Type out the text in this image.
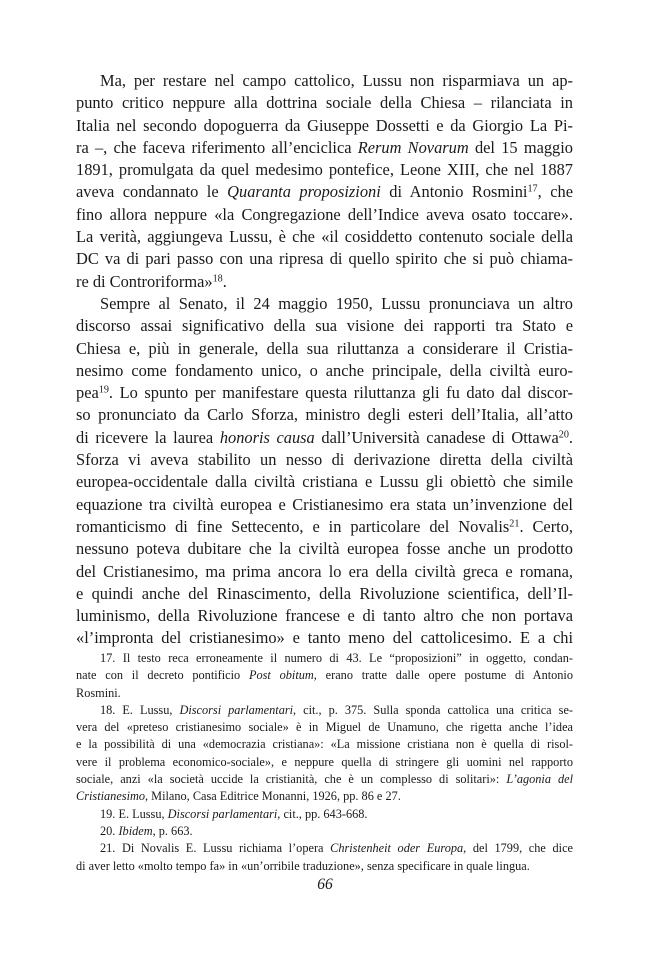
Ma, per restare nel campo cattolico, Lussu non risparmiava un ap-
punto critico neppure alla dottrina sociale della Chiesa – rilanciata in
Italia nel secondo dopoguerra da Giuseppe Dossetti e da Giorgio La Pi-
ra –, che faceva riferimento all’enciclica Rerum Novarum del 15 maggio
1891, promulgata da quel medesimo pontefice, Leone XIII, che nel 1887
aveva condannato le Quaranta proposizioni di Antonio Rosmini$^{17}$, che
fino allora neppure «la Congregazione dell’Indice aveva osato toccare».
La verità, aggiungeva Lussu, è che «il cosiddetto contenuto sociale della
DC va di pari passo con una ripresa di quello spirito che si può chiama-
re di Controriforma»$^{18}$.
Sempre al Senato, il 24 maggio 1950, Lussu pronunciava un altro
discorso assai significativo della sua visione dei rapporti tra Stato e
Chiesa e, più in generale, della sua riluttanza a considerare il Cristia-
nesimo come fondamento unico, o anche principale, della civiltà euro-
pea$^{19}$. Lo spunto per manifestare questa riluttanza gli fu dato dal discor-
so pronunciato da Carlo Sforza, ministro degli esteri dell’Italia, all’atto
di ricevere la laurea honoris causa dall’Università canadese di Ottawa$^{20}$.
Sforza vi aveva stabilito un nesso di derivazione diretta della civiltà
europea-occidentale dalla civiltà cristiana e Lussu gli obiettò che simile
equazione tra civiltà europea e Cristianesimo era stata un’invenzione del
romanticismo di fine Settecento, e in particolare del Novalis$^{21}$. Certo,
nessuno poteva dubitare che la civiltà europea fosse anche un prodotto
del Cristianesimo, ma prima ancora lo era della civiltà greca e romana,
e quindi anche del Rinascimento, della Rivoluzione scientifica, dell’Il-
luminismo, della Rivoluzione francese e di tanto altro che non portava
«l’impronta del cristianesimo» e tanto meno del cattolicesimo. E a chi
17. Il testo reca erroneamente il numero di 43. Le “proposizioni” in oggetto, condan-
nate con il decreto pontificio Post obitum, erano tratte dalle opere postume di Antonio
Rosmini.
18. E. Lussu, Discorsi parlamentari, cit., p. 375. Sulla sponda cattolica una critica se-
vera del «preteso cristianesimo sociale» è in Miguel de Unamuno, che rigetta anche l’idea
e la possibilità di una «democrazia cristiana»: «La missione cristiana non è quella di risol-
vere il problema economico-sociale», e neppure quella di stringere gli uomini nel rapporto
sociale, anzi «la società uccide la cristianità, che è un complesso di solitari»: L’agonia del
Cristianesimo, Milano, Casa Editrice Monanni, 1926, pp. 86 e 27.
19. E. Lussu, Discorsi parlamentari, cit., pp. 643-668.
20. Ibidem, p. 663.
21. Di Novalis E. Lussu richiama l’opera Christenheit oder Europa, del 1799, che dice
di aver letto «molto tempo fa» in «un’orribile traduzione», senza specificare in quale lingua.
66
